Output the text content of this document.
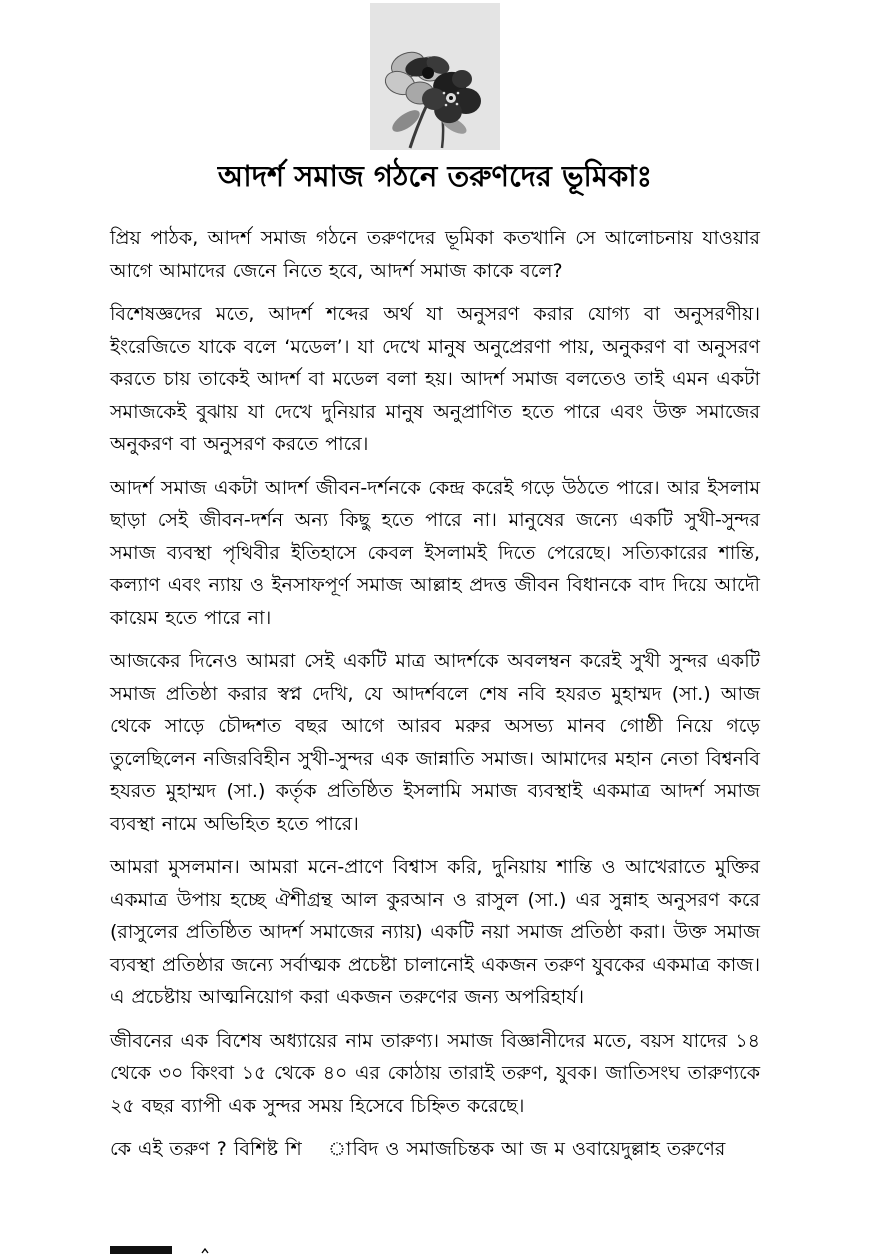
আদর্শ সমাজ গঠনে তরুণদের ভূমিকাঃ

প্রিয় পাঠক, আদর্শ সমাজ গঠনে তরুণদের ভূমিকা কতখানি সে আলোচনায় যাওয়ার আগে আমাদের জেনে নিতে হবে, আদর্শ সমাজ কাকে বলে?

বিশেষজ্ঞদের মতে, আদর্শ শব্দের অর্থ যা অনুসরণ করার যোগ্য বা অনুসরণীয়। ইংরেজিতে যাকে বলে ‘মডেল’। যা দেখে মানুষ অনুপ্রেরণা পায়, অনুকরণ বা অনুসরণ করতে চায় তাকেই আদর্শ বা মডেল বলা হয়। আদর্শ সমাজ বলতেও তাই এমন একটা সমাজকেই বুঝায় যা দেখে দুনিয়ার মানুষ অনুপ্রাণিত হতে পারে এবং উক্ত সমাজের অনুকরণ বা অনুসরণ করতে পারে।

আদর্শ সমাজ একটা আদর্শ জীবন-দর্শনকে কেন্দ্র করেই গড়ে উঠতে পারে। আর ইসলাম ছাড়া সেই জীবন-দর্শন অন্য কিছু হতে পারে না। মানুষের জন্যে একটি সুখী-সুন্দর সমাজ ব্যবস্থা পৃথিবীর ইতিহাসে কেবল ইসলামই দিতে পেরেছে। সত্যিকারের শান্তি, কল্যাণ এবং ন্যায় ও ইনসাফপূর্ণ সমাজ আল্লাহ প্রদত্ত জীবন বিধানকে বাদ দিয়ে আদৌ কায়েম হতে পারে না।

আজকের দিনেও আমরা সেই একটি মাত্র আদর্শকে অবলম্বন করেই সুখী সুন্দর একটি সমাজ প্রতিষ্ঠা করার স্বপ্ন দেখি, যে আদর্শবলে শেষ নবি হযরত মুহাম্মদ (সা.) আজ থেকে সাড়ে চৌদ্দশত বছর আগে আরব মরুর অসভ্য মানব গোষ্ঠী নিয়ে গড়ে তুলেছিলেন নজিরবিহীন সুখী-সুন্দর এক জান্নাতি সমাজ। আমাদের মহান নেতা বিশ্বনবি হযরত মুহাম্মদ (সা.) কর্তৃক প্রতিষ্ঠিত ইসলামি সমাজ ব্যবস্থাই একমাত্র আদর্শ সমাজ ব্যবস্থা নামে অভিহিত হতে পারে।

আমরা মুসলমান। আমরা মনে-প্রাণে বিশ্বাস করি, দুনিয়ায় শান্তি ও আখেরাতে মুক্তির একমাত্র উপায় হচ্ছে ঐশীগ্রন্থ আল কুরআন ও রাসুল (সা.) এর সুন্নাহ অনুসরণ করে (রাসুলের প্রতিষ্ঠিত আদর্শ সমাজের ন্যায়) একটি নয়া সমাজ প্রতিষ্ঠা করা। উক্ত সমাজ ব্যবস্থা প্রতিষ্ঠার জন্যে সর্বাত্মক প্রচেষ্টা চালানোই একজন তরুণ যুবকের একমাত্র কাজ। এ প্রচেষ্টায় আত্মনিয়োগ করা একজন তরুণের জন্য অপরিহার্য।

জীবনের এক বিশেষ অধ্যায়ের নাম তারুণ্য। সমাজ বিজ্ঞানীদের মতে, বয়স যাদের ১৪ থেকে ৩০ কিংবা ১৫ থেকে ৪০ এর কোঠায় তারাই তরুণ, যুবক। জাতিসংঘ তারুণ্যকে ২৫ বছর ব্যাপী এক সুন্দর সময় হিসেবে চিহ্নিত করেছে।

কে এই তরুণ ? বিশিষ্ট শি    াবিদ ও সমাজচিন্তক আ জ ম ওবায়েদুল্লাহ তরুণের
